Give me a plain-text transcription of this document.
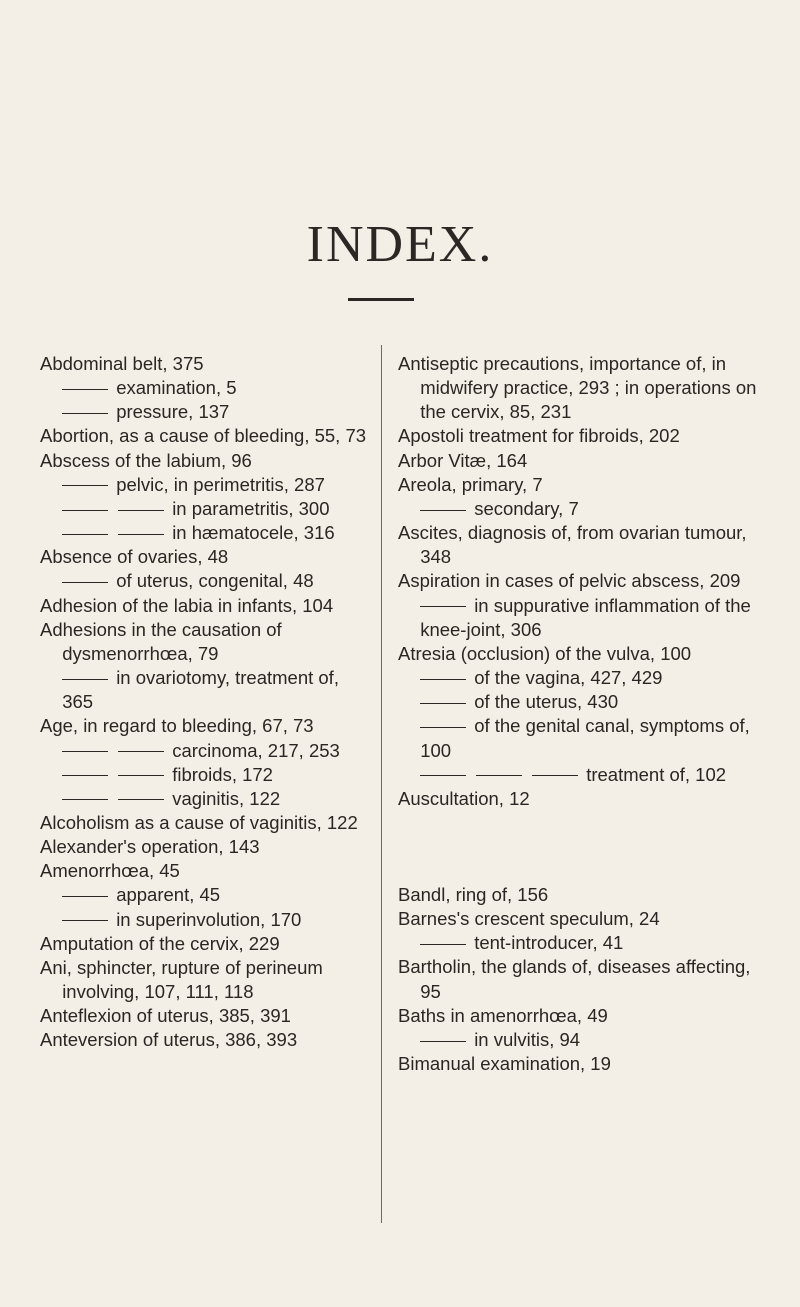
INDEX.
Abdominal belt, 375
examination, 5
pressure, 137
Abortion, as a cause of bleeding, 55, 73
Abscess of the labium, 96
pelvic, in perimetritis, 287
in parametritis, 300
in hæmatocele, 316
Absence of ovaries, 48
of uterus, congenital, 48
Adhesion of the labia in infants, 104
Adhesions in the causation of dysmenorrhœa, 79
in ovariotomy, treatment of, 365
Age, in regard to bleeding, 67, 73
carcinoma, 217, 253
fibroids, 172
vaginitis, 122
Alcoholism as a cause of vaginitis, 122
Alexander's operation, 143
Amenorrhœa, 45
apparent, 45
in superinvolution, 170
Amputation of the cervix, 229
Ani, sphincter, rupture of perineum involving, 107, 111, 118
Anteflexion of uterus, 385, 391
Anteversion of uterus, 386, 393
Antiseptic precautions, importance of, in midwifery practice, 293 ; in operations on the cervix, 85, 231
Apostoli treatment for fibroids, 202
Arbor Vitæ, 164
Areola, primary, 7
secondary, 7
Ascites, diagnosis of, from ovarian tumour, 348
Aspiration in cases of pelvic abscess, 209
in suppurative inflammation of the knee-joint, 306
Atresia (occlusion) of the vulva, 100
of the vagina, 427, 429
of the uterus, 430
of the genital canal, symptoms of, 100
treatment of, 102
Auscultation, 12
Bandl, ring of, 156
Barnes's crescent speculum, 24
tent-introducer, 41
Bartholin, the glands of, diseases affecting, 95
Baths in amenorrhœa, 49
in vulvitis, 94
Bimanual examination, 19
